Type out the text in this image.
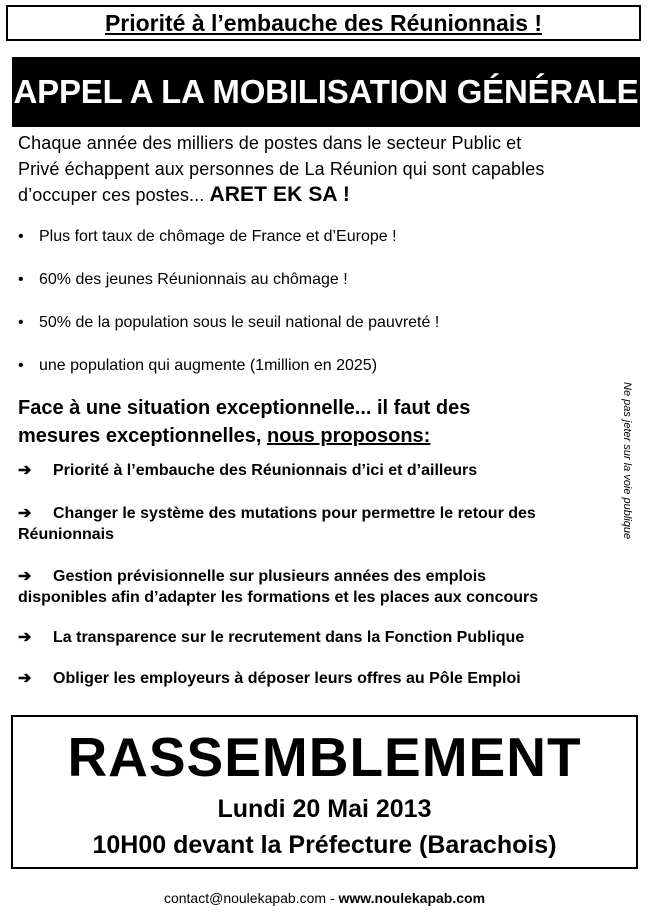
Priorité à l’embauche des Réunionnais !
APPEL A LA MOBILISATION GÉNÉRALE
Chaque année des milliers de postes dans le secteur Public et
Privé échappent aux personnes de La Réunion qui sont capables
d’occuper ces postes... ARET EK SA !
• Plus fort taux de chômage de France et d’Europe !
• 60% des jeunes Réunionnais au chômage !
• 50% de la population sous le seuil national de pauvreté !
• une population qui augmente (1million en 2025)
Ne pas jeter sur la voie publique
Face à une situation exceptionnelle... il faut des
mesures exceptionnelles, nous proposons:
➔	Priorité à l’embauche des Réunionnais d’ici et d’ailleurs
➔	Changer le système des mutations pour permettre le retour des
Réunionnais
➔	Gestion prévisionnelle sur plusieurs années des emplois
disponibles afin d’adapter les formations et les places aux concours
➔	La transparence sur le recrutement dans la Fonction Publique
➔	Obliger les employeurs à déposer leurs offres au Pôle Emploi
RASSEMBLEMENT
Lundi 20 Mai 2013
10H00 devant la Préfecture (Barachois)
contact@noulekapab.com - www.noulekapab.com
